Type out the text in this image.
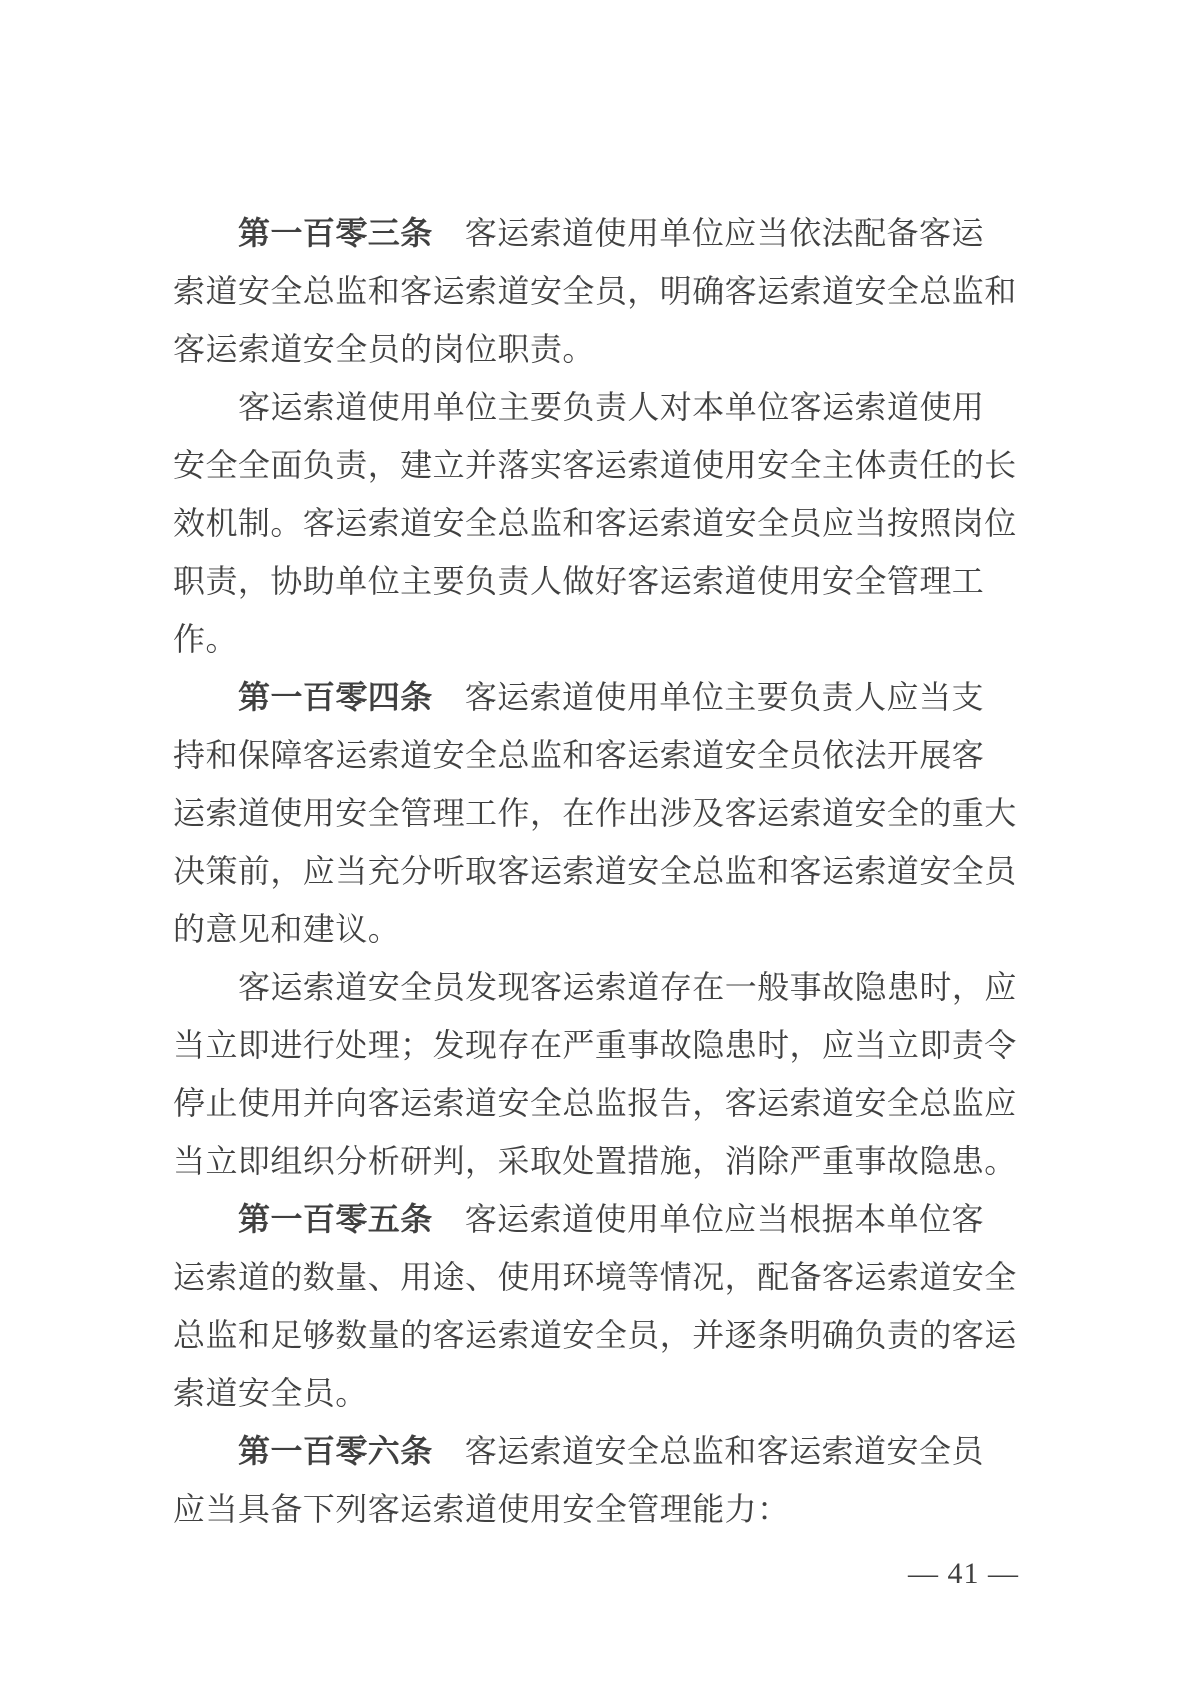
第一百零三条 客运索道使用单位应当依法配备客运
索道安全总监和客运索道安全员，明确客运索道安全总监和
客运索道安全员的岗位职责。
客运索道使用单位主要负责人对本单位客运索道使用
安全全面负责，建立并落实客运索道使用安全主体责任的长
效机制。客运索道安全总监和客运索道安全员应当按照岗位
职责，协助单位主要负责人做好客运索道使用安全管理工
作。
第一百零四条 客运索道使用单位主要负责人应当支
持和保障客运索道安全总监和客运索道安全员依法开展客
运索道使用安全管理工作，在作出涉及客运索道安全的重大
决策前，应当充分听取客运索道安全总监和客运索道安全员
的意见和建议。
客运索道安全员发现客运索道存在一般事故隐患时，应
当立即进行处理；发现存在严重事故隐患时，应当立即责令
停止使用并向客运索道安全总监报告，客运索道安全总监应
当立即组织分析研判，采取处置措施，消除严重事故隐患。
第一百零五条 客运索道使用单位应当根据本单位客
运索道的数量、用途、使用环境等情况，配备客运索道安全
总监和足够数量的客运索道安全员，并逐条明确负责的客运
索道安全员。
第一百零六条 客运索道安全总监和客运索道安全员
应当具备下列客运索道使用安全管理能力：
— 41 —
